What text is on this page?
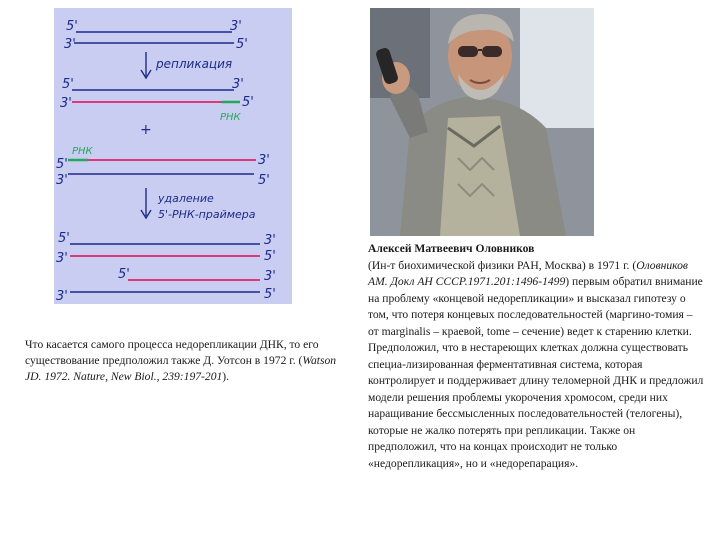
5'	3'
3'	5'
репликация
5'	3'
3'	5'
РНК
+
РНК
5'	3'
3'	5'
удаление
5'-РНК-праймера
5'	3'
3'	5'
5'	3'
3'	5'
Что касается самого процесса недорепликации ДНК, то его существование предположил также Д. Уотсон в 1972 г. (Watson JD. 1972. Nature, New Biol., 239:197-201).
Алексей Матвеевич Оловников
(Ин-т биохимической физики РАН, Москва) в 1971 г. (Оловников АМ. Докл АН СССР.1971.201:1496-1499) первым обратил внимание на проблему «концевой недорепликации» и высказал гипотезу о том, что потеря концевых последовательностей (маргино-томия – от marginalis – краевой, tome – сечение) ведет к старению клетки. Предположил, что в нестареющих клетках должна существовать специа-лизированная ферментативная система, которая контролирует и поддерживает длину теломерной ДНК и предложил модели решения проблемы укорочения хромосом, среди них наращивание бессмысленных последовательностей (телогены), которые не жалко потерять при репликации. Также он предположил, что на концах происходит не только «недорепликация», но и «недорепарация».
